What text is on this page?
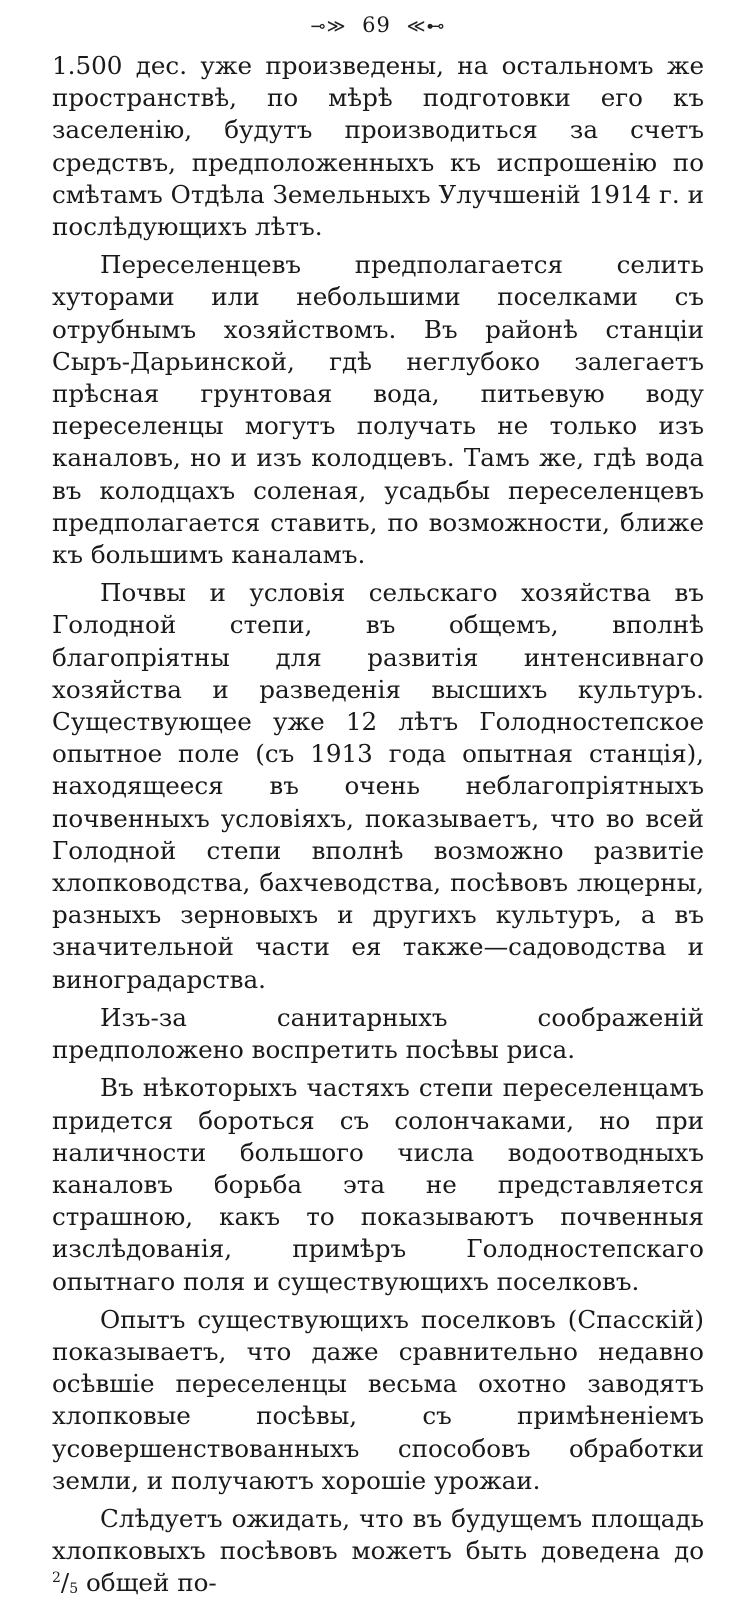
⊸≫ 69 ≪⊷

1.500 дес. уже произведены, на остальномъ же пространствѣ, по мѣрѣ подготовки его къ заселенію, будутъ производиться за счетъ средствъ, предположенныхъ къ испрошенію по смѣтамъ Отдѣла Земельныхъ Улучшеній 1914 г. и послѣдующихъ лѣтъ.

Переселенцевъ предполагается селить хуторами или небольшими поселками съ отрубнымъ хозяйствомъ. Въ районѣ станціи Сыръ-Дарьинской, гдѣ неглубоко залегаетъ прѣсная грунтовая вода, питьевую воду переселенцы могутъ получать не только изъ каналовъ, но и изъ колодцевъ. Тамъ же, гдѣ вода въ колодцахъ соленая, усадьбы переселенцевъ предполагается ставить, по возможности, ближе къ большимъ каналамъ.

Почвы и условія сельскаго хозяйства въ Голодной степи, въ общемъ, вполнѣ благопріятны для развитія интенсивнаго хозяйства и разведенія высшихъ культуръ. Существующее уже 12 лѣтъ Голодностепское опытное поле (съ 1913 года опытная станція), находящееся въ очень неблагопріятныхъ почвенныхъ условіяхъ, показываетъ, что во всей Голодной степи вполнѣ возможно развитіе хлопководства, бахчеводства, посѣвовъ люцерны, разныхъ зерновыхъ и другихъ культуръ, а въ значительной части ея также—садоводства и виноградарства.

Изъ-за санитарныхъ соображеній предположено воспретить посѣвы риса.

Въ нѣкоторыхъ частяхъ степи переселенцамъ придется бороться съ солончаками, но при наличности большого числа водоотводныхъ каналовъ борьба эта не представляется страшною, какъ то показываютъ почвенныя изслѣдованія, примѣръ Голодностепскаго опытнаго поля и существующихъ поселковъ.

Опытъ существующихъ поселковъ (Спасскій) показываетъ, что даже сравнительно недавно осѣвшіе переселенцы весьма охотно заводятъ хлопковые посѣвы, съ примѣненіемъ усовершенствованныхъ способовъ обработки земли, и получаютъ хорошіе урожаи.

Слѣдуетъ ожидать, что въ будущемъ площадь хлопковыхъ посѣвовъ можетъ быть доведена до $^2/_5$ общей по-
